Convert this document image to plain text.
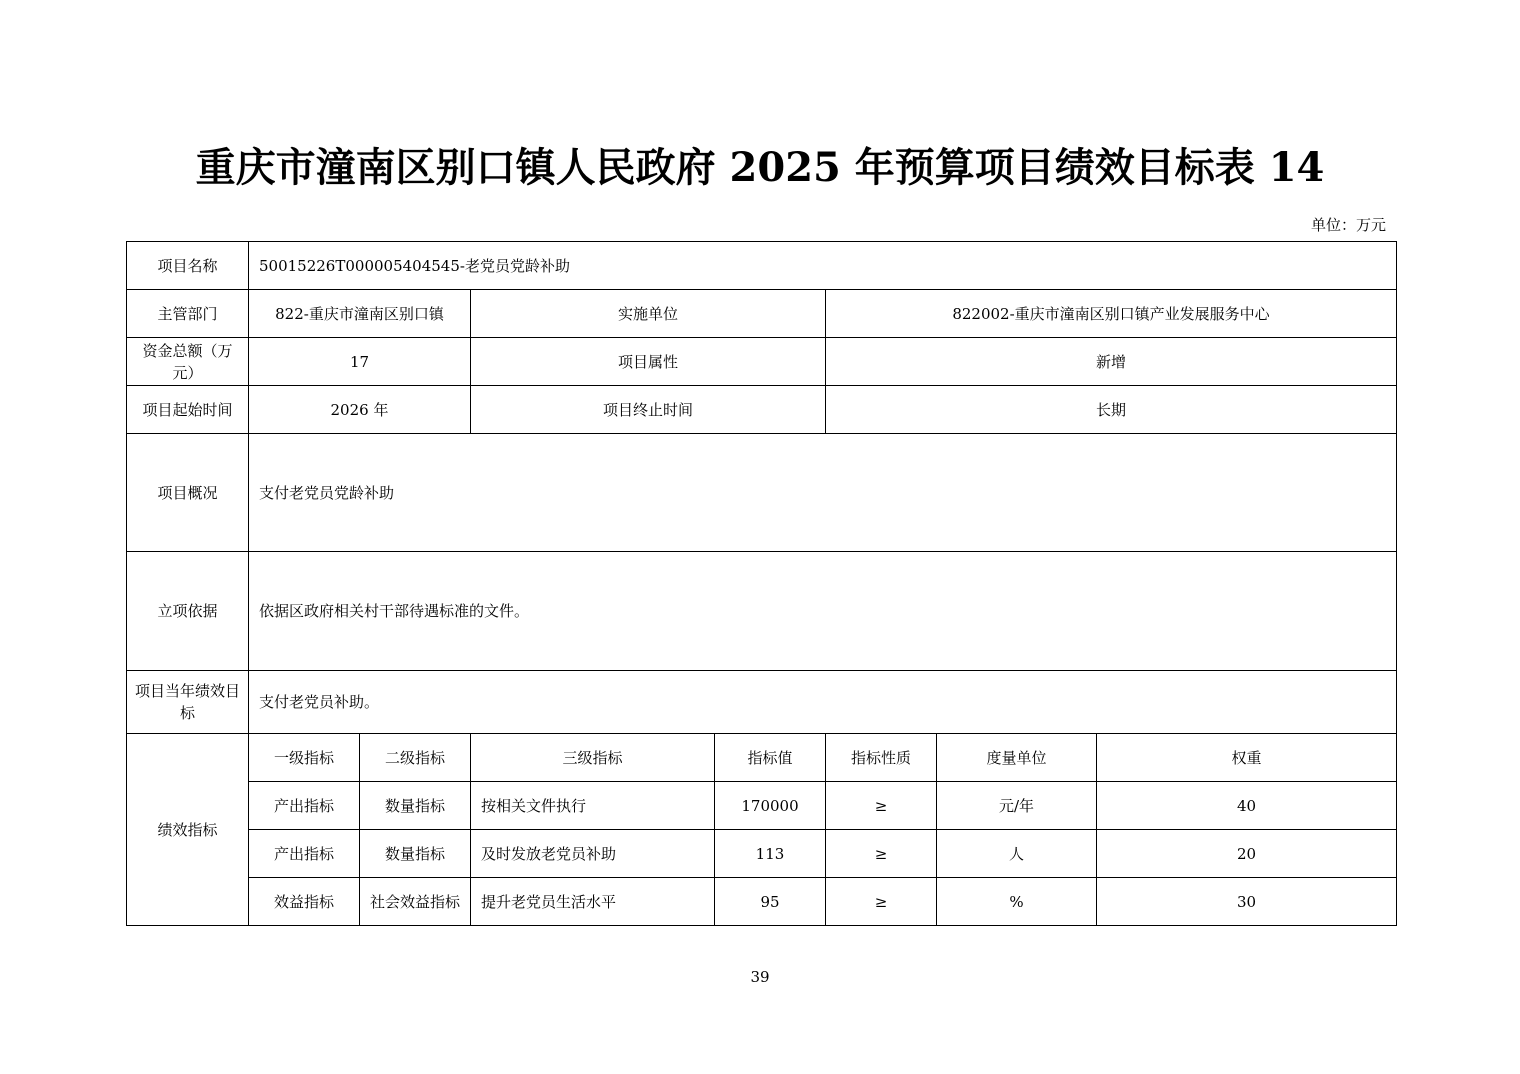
重庆市潼南区别口镇人民政府 2025 年预算项目绩效目标表 14
单位：万元
项目名称	50015226T000005404545-老党员党龄补助						
主管部门	822-重庆市潼南区别口镇		实施单位		822002-重庆市潼南区别口镇产业发展服务中心		
资金总额（万元）	17		项目属性		新增		
项目起始时间	2026 年		项目终止时间		长期		
项目概况	支付老党员党龄补助						
立项依据	依据区政府相关村干部待遇标准的文件。						
项目当年绩效目标	支付老党员补助。						
绩效指标	一级指标	二级指标	三级指标	指标值	指标性质	度量单位	权重
	产出指标	数量指标	按相关文件执行	170000	≥	元/年	40
	产出指标	数量指标	及时发放老党员补助	113	≥	人	20
	效益指标	社会效益指标	提升老党员生活水平	95	≥	%	30
39
